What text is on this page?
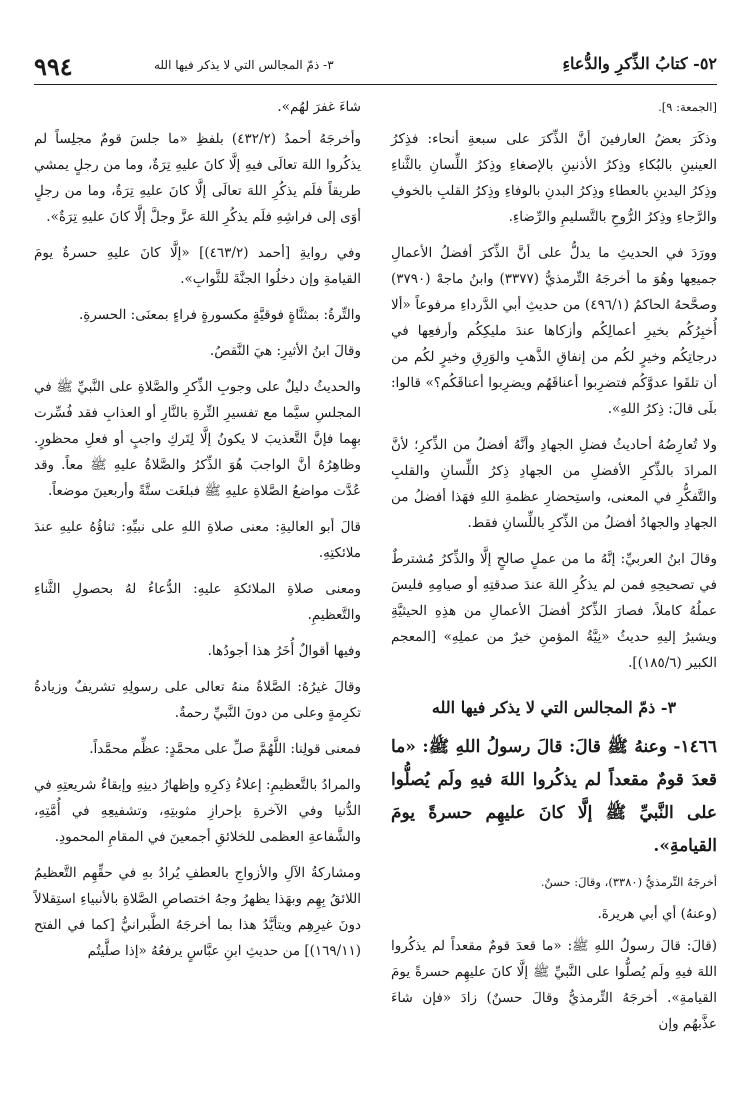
٩٩٤	٣- ذمّ المجالس التي لا يذكر فيها الله	٥٢- كتابُ الذِّكرِ والدُّعاءِ

[الجمعة: ٩].

وذكَرَ بعضُ العارفينَ أنَّ الذِّكرَ على سبعةِ أنحاء: فذِكرُ العينينِ بالبُكاءِ وذِكرُ الأذنينِ بالإصغاءِ وذِكرُ اللِّسانِ بالثَّناءِ وذِكرُ اليدينِ بالعطاءِ وذِكرُ البدنِ بالوفاءِ وذِكرُ القلبِ بالخوفِ والرَّجاءِ وذِكرُ الرُّوحِ بالتَّسليمِ والرِّضاءِ.

وورَدَ في الحديثِ ما يدلُّ على أنَّ الذِّكرَ أفضلُ الأعمالِ جميعِها وهُوَ ما أخرجَهُ التِّرمذيُّ (٣٣٧٧) وابنُ ماجهْ (٣٧٩٠) وصحَّحهُ الحاكمُ (٤٩٦/١) من حديثِ أبي الدَّرداءِ مرفوعاً «ألا أُخبِرُكُم بخيرِ أعمالِكُم وأزكاها عندَ مليكِكُم وأرفعِها في درجاتِكُم وخيرٍ لكُم من إنفاقِ الذَّهبِ والوَرِقِ وخيرٍ لكُم من أن تلقَوا عدوَّكُم فتضرِبوا أعناقَهُم ويضرِبوا أعناقَكُم؟» قالوا: بلَى قالَ: ذِكرُ اللهِ».

ولا تُعارِضُهُ أحاديثُ فضلِ الجهادِ وأنَّهُ أفضلُ من الذِّكرِ؛ لأنَّ المرادَ بالذِّكرِ الأفضلِ من الجهادِ ذِكرُ اللِّسانِ والقلبِ والتَّفكُّرِ في المعنى، واستِحضارِ عظمةِ اللهِ فهَذا أفضلُ من الجهادِ والجهادُ أفضلُ من الذِّكرِ باللِّسانِ فقط.

وقالَ ابنُ العربيِّ: إنَّهُ ما من عملٍ صالحٍ إلَّا والذِّكرُ مُشترطٌ في تصحيحِهِ فمن لم يذكُرِ اللهَ عندَ صدقتِهِ أو صيامِهِ فليسَ عملُهُ كاملاً، فصارَ الذِّكرُ أفضلَ الأعمالِ من هذِهِ الحيثيَّةِ ويشيرُ إليهِ حديثُ «نِيَّةُ المؤمنِ خيرٌ من عملِهِ» [المعجم الكبير (١٨٥/٦)].

٣- ذمّ المجالس التي لا يذكر فيها الله

١٤٦٦- وعنهُ ﷺ قالَ: قالَ رسولُ اللهِ ﷺ: «ما قعدَ قومٌ مقعداً لم يذكُروا اللهَ فيهِ ولَم يُصلُّوا على النَّبيِّ ﷺ إلَّا كانَ عليهِم حسرةً يومَ القيامةِ».

أخرجَهُ التِّرمذيُّ (٣٣٨٠)، وقالَ: حسنٌ.

(وعنهُ) أي أبي هريرةَ.

(قالَ: قالَ رسولُ اللهِ ﷺ: «ما قعدَ قومٌ مقعداً لم يذكُروا اللهَ فيهِ ولَم يُصلُّوا على النَّبيِّ ﷺ إلَّا كانَ عليهِم حسرةً يومَ القيامةِ». أخرجَهُ التِّرمذيُّ وقالَ حسنٌ) زادَ «فإن شاءَ عذَّبهُم وإن

شاءَ غفرَ لهُم».

وأخرجَهُ أحمدُ (٤٣٢/٢) بلفظِ «ما جلسَ قومٌ مجلِساً لم يذكُروا اللهَ تعالَى فيهِ إلَّا كانَ عليهِ تِرَةٌ، وما من رجلٍ يمشي طريقاً فلَم يذكُرِ اللهَ تعالَى إلَّا كانَ عليهِ تِرَةٌ، وما من رجلٍ أوَى إلى فراشِهِ فلَم يذكُرِ اللهَ عزَّ وجلَّ إلَّا كانَ عليهِ تِرَةٌ».

وفي روايةِ [أحمد (٤٦٣/٢)] «إلَّا كانَ عليهِ حسرةٌ يومَ القيامةِ وإن دخلُوا الجنَّةَ للثَّوابِ».

والتِّرةُ: بمثنَّاةٍ فوقيَّةٍ مكسورةٍ فراءٍ بمعنَى: الحسرةِ.

وقالَ ابنُ الأثيرِ: هيَ النَّقصُ.

والحديثُ دليلٌ على وجوبِ الذِّكرِ والصَّلاةِ على النَّبيِّ ﷺ في المجلسِ سيَّما مع تفسيرِ التِّرةِ بالنَّارِ أو العذابِ فقد فُسِّرت بهِما فإنَّ التَّعذيبَ لا يكونُ إلَّا لِتَركِ واجبٍ أو فعلِ محظورٍ. وظاهِرُهُ أنَّ الواجبَ هُوَ الذِّكرُ والصَّلاةُ عليهِ ﷺ معاً. وقد عُدَّت مواضعُ الصَّلاةِ عليهِ ﷺ فبلغَت ستَّةً وأربعينَ موضعاً.

قالَ أبو العاليةِ: معنى صلاةِ اللهِ على نبيِّهِ: ثناؤُهُ عليهِ عندَ ملائكتِهِ.

ومعنى صلاةِ الملائكةِ عليهِ: الدُّعاءُ لهُ بحصولِ الثَّناءِ والتَّعظيمِ.

وفيها أقوالٌ أُخَرُ هذا أجودُها.

وقالَ غيرُهُ: الصَّلاةُ منهُ تعالى على رسولِهِ تشريفٌ وزيادةُ تكرِمةٍ وعلى من دونَ النَّبيِّ رحمةٌ.

فمعنى قولِنا: اللَّهُمَّ صلِّ على محمَّدٍ: عظِّم محمَّداً.

والمرادُ بالتَّعظيمِ: إعلاءُ ذِكرِهِ وإظهارُ دينِهِ وإبقاءُ شريعتِهِ في الدُّنيا وفي الآخرةِ بإحرازِ مثوبتِهِ، وتشفيعِهِ في أُمَّتِهِ، والشَّفاعةِ العظمى للخلائقِ أجمعينَ في المقامِ المحمودِ.

ومشاركةُ الآلِ والأزواجِ بالعطفِ يُرادُ بهِ في حقِّهِم التَّعظيمُ اللائقُ بِهِم وبهَذا يظهرُ وجهُ اختصاصِ الصَّلاةِ بالأنبياءِ استِقلالاً دونَ غيرِهِم ويتأيَّدُ هذا بما أخرجَهُ الطَّبرانيُّ [كما في الفتح (١٦٩/١١)] من حديثِ ابنِ عبَّاسٍ يرفعُهُ «إذا صلَّيتُم
